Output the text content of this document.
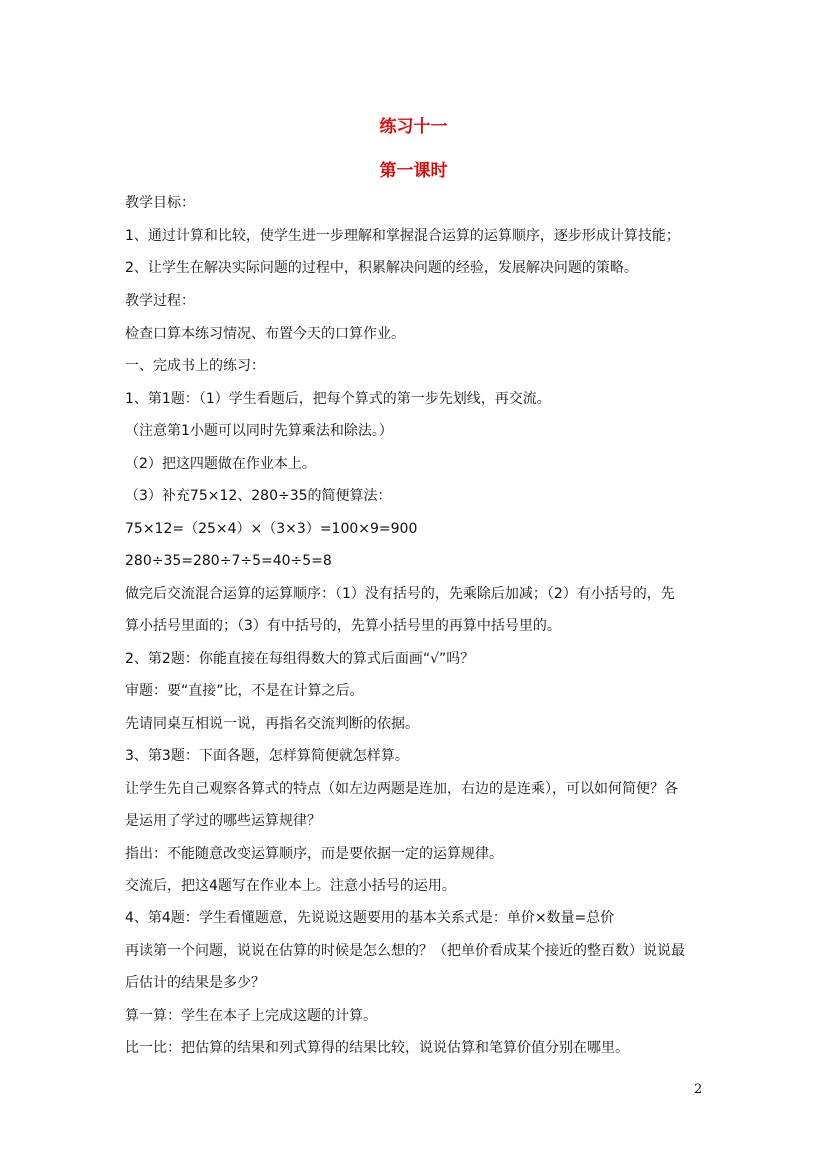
练习十一
第一课时
教学目标：
1、通过计算和比较，使学生进一步理解和掌握混合运算的运算顺序，逐步形成计算技能；
2、让学生在解决实际问题的过程中，积累解决问题的经验，发展解决问题的策略。
教学过程：
检查口算本练习情况、布置今天的口算作业。
一、完成书上的练习：
1、第1题：（1）学生看题后，把每个算式的第一步先划线，再交流。
（注意第1小题可以同时先算乘法和除法。）
（2）把这四题做在作业本上。
（3）补充75×12、280÷35的简便算法：
75×12=（25×4）×（3×3）=100×9=900
280÷35=280÷7÷5=40÷5=8
做完后交流混合运算的运算顺序：（1）没有括号的，先乘除后加减；（2）有小括号的，先
算小括号里面的；（3）有中括号的，先算小括号里的再算中括号里的。
2、第2题：你能直接在每组得数大的算式后面画“√”吗？
审题：要“直接”比，不是在计算之后。
先请同桌互相说一说，再指名交流判断的依据。
3、第3题：下面各题，怎样算简便就怎样算。
让学生先自己观察各算式的特点（如左边两题是连加，右边的是连乘），可以如何简便？各
是运用了学过的哪些运算规律？
指出：不能随意改变运算顺序，而是要依据一定的运算规律。
交流后，把这4题写在作业本上。注意小括号的运用。
4、第4题：学生看懂题意，先说说这题要用的基本关系式是：单价×数量=总价
再读第一个问题，说说在估算的时候是怎么想的？（把单价看成某个接近的整百数）说说最
后估计的结果是多少？
算一算：学生在本子上完成这题的计算。
比一比：把估算的结果和列式算得的结果比较，说说估算和笔算价值分别在哪里。
2
